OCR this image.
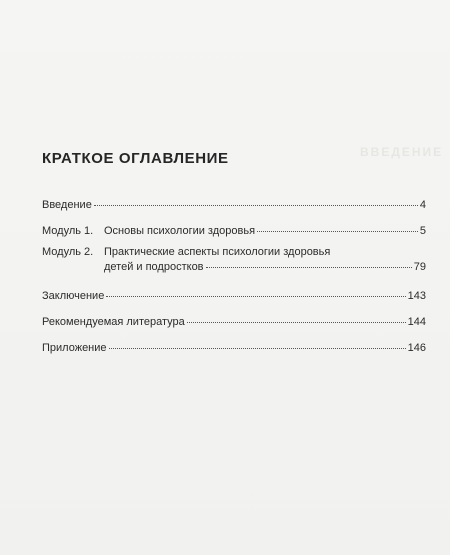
ВВЕДЕНИЕ
КРАТКОЕ ОГЛАВЛЕНИЕ
Введение	4
Модуль 1. Основы психологии здоровья	5
Модуль 2. Практические аспекты психологии здоровья
детей и подростков	79
Заключение	143
Рекомендуемая литература	144
Приложение	146
